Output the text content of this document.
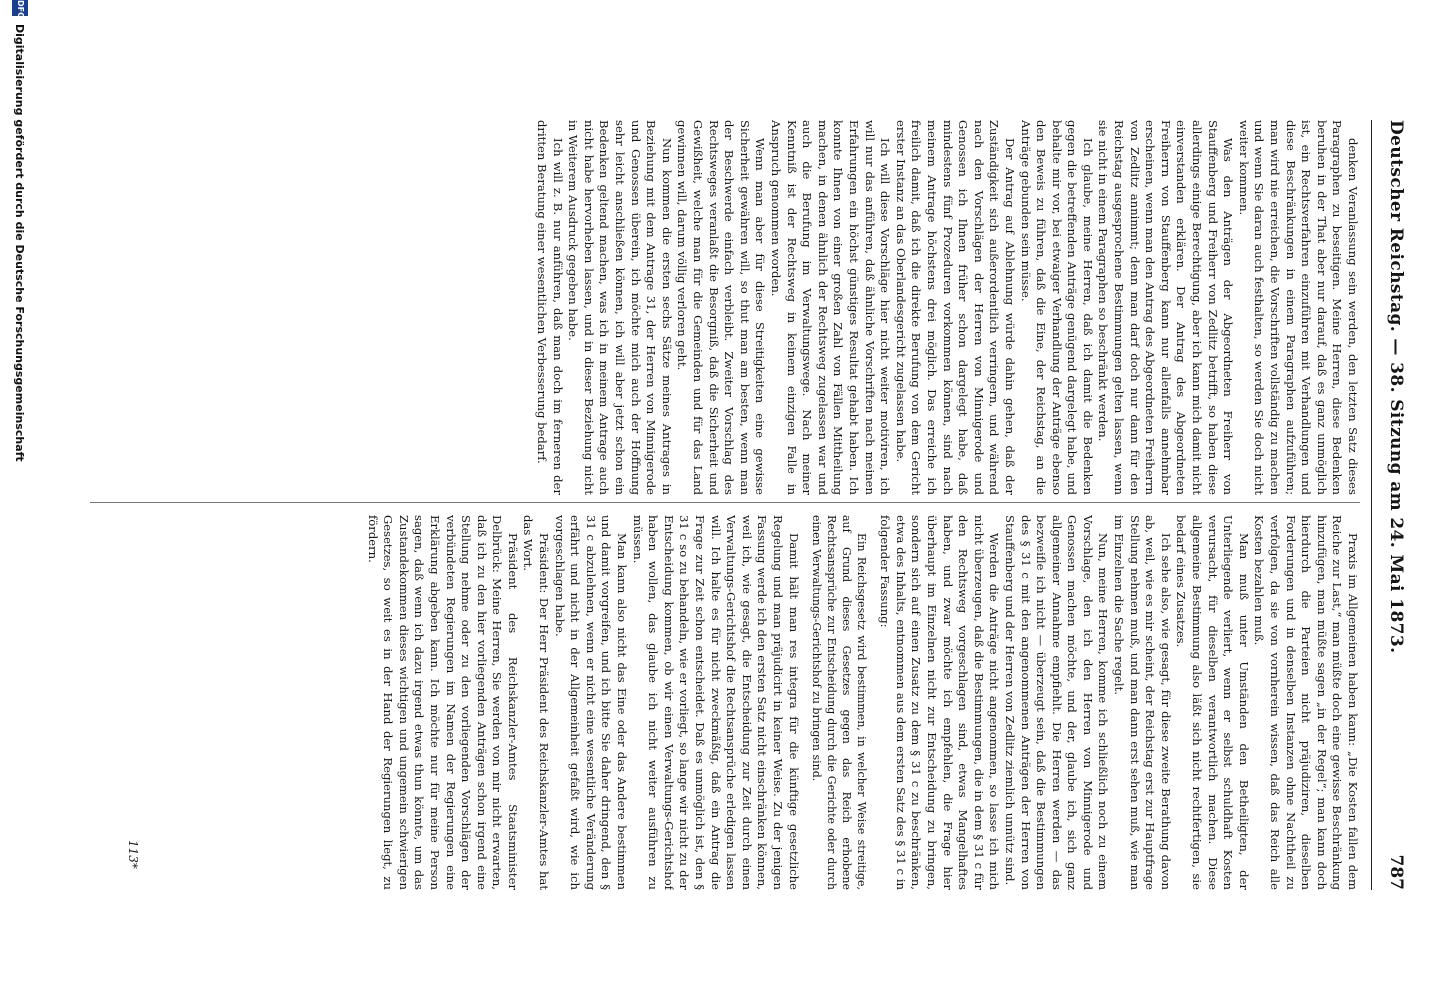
Deutscher Reichstag. — 38. Sitzung am 24. Mai 1873.
787

denken Veranlassung sein werden, den letzten Satz dieses Paragraphen zu beseitigen. Meine Herren, diese Bedenken beruhen in der That aber nur darauf, daß es ganz unmöglich ist, ein Rechtsverfahren einzuführen mit Verhandlungen und diese Beschränkungen in einem Paragraphen aufzuführen; man wird nie erreichen, die Vorschriften vollständig zu machen und wenn Sie daran auch festhalten, so werden Sie doch nicht weiter kommen.

Was den Anträgen der Abgeordneten Freiherr von Stauffenberg und Freiherr von Zedlitz betrifft, so haben diese allerdings einige Berechtigung, aber ich kann mich damit nicht einverstanden erklären. Der Antrag des Abgeordneten Freiherrn von Stauffenberg kann nur allenfalls annehmbar erscheinen, wenn man den Antrag des Abgeordneten Freiherrn von Zedlitz annimmt; denn man darf doch nur dann für den Reichstag ausgesprochene Bestimmungen gelten lassen, wenn sie nicht in einem Paragraphen so beschränkt werden.

Ich glaube, meine Herren, daß ich damit die Bedenken gegen die betreffenden Anträge genügend dargelegt habe, und behalte mir vor, bei etwaiger Verhandlung der Anträge ebenso den Beweis zu führen, daß die Eine, der Reichstag, an die Anträge gebunden sein müsse.

Der Antrag auf Ablehnung würde dahin gehen, daß der Zuständigkeit sich außerordentlich verringern, und während nach den Vorschlägen der Herren von Minnigerode und Genossen ich Ihnen früher schon dargelegt habe, daß mindestens fünf Prozeduren vorkommen können, sind nach meinem Antrage höchstens drei möglich. Das erreiche ich freilich damit, daß ich die direkte Berufung von dem Gericht erster Instanz an das Oberlandesgericht zugelassen habe.

Ich will diese Vorschläge hier nicht weiter motiviren, ich will nur das anführen, daß ähnliche Vorschriften nach meinen Erfahrungen ein höchst günstiges Resultat gehabt haben. Ich konnte Ihnen von einer großen Zahl von Fällen Mittheilung machen, in denen ähnlich der Rechtsweg zugelassen war und auch die Berufung im Verwaltungswege. Nach meiner Kenntniß ist der Rechtsweg in keinem einzigen Falle in Anspruch genommen worden.

Wenn man aber für diese Streitigkeiten eine gewisse Sicherheit gewähren will, so thut man am besten, wenn man der Beschwerde einfach verbleibt. Zweiter Vorschlag des Rechtsweges veranlaßt die Besorgniß, daß die Sicherheit und Gewißheit, welche man für die Gemeinden und für das Land gewinnen will, darum völlig verloren geht.

Nun kommen die ersten sechs Sätze meines Antrages in Beziehung mit dem Antrage 31, der Herren von Minnigerode und Genossen überein, ich möchte mich auch der Hoffnung sehr leicht anschließen können, ich will aber jetzt schon ein Bedenken geltend machen, was ich in meinem Antrage auch nicht habe hervorheben lassen, und in dieser Beziehung nicht in Weiterem Ausdruck gegeben habe.

Ich will z. B. nur anführen, daß man doch im ferneren der dritten Beratung einer wesentlichen Verbesserung bedarf.

Praxis im Allgemeinen haben kann: „Die Kosten fallen dem Reiche zur Last,“ man müßte doch eine gewisse Beschränkung hinzufügen, man müßte sagen „in der Regel“; man kann doch hierdurch die Parteien nicht präjudiziren, dieselben Forderungen und in denselben Instanzen ohne Nachtheil zu verfolgen, da sie von vornherein wissen, daß das Reich alle Kosten bezahlen muß.

Man muß unter Umständen den Betheiligten, der Unterliegende verliert, wenn er selbst schuldhaft Kosten verursacht, für dieselben verantwortlich machen. Diese allgemeine Bestimmung also läßt sich nicht rechtfertigen, sie bedarf eines Zusatzes.

Ich sehe also, wie gesagt, für diese zweite Berathung davon ab, weil, wie es mir scheint, der Reichstag erst zur Hauptfrage Stellung nehmen muß, und man dann erst sehen muß, wie man im Einzelnen die Sache regelt.

Nun, meine Herren, komme ich schließlich noch zu einem Vorschlage, den ich den Herren von Minnigerode und Genossen machen möchte, und der, glaube ich, sich ganz allgemeiner Annahme empfiehlt. Die Herren werden — das bezweifle ich nicht — überzeugt sein, daß die Bestimmungen des § 31 c mit den angenommenen Anträgen der Herren von Stauffenberg und der Herren von Zedlitz ziemlich unnütz sind.

Werden die Anträge nicht angenommen, so lasse ich mich nicht überzeugen, daß die Bestimmungen, die in dem § 31 c für den Rechtsweg vorgeschlagen sind, etwas Mangelhaftes haben, und zwar möchte ich empfehlen, die Frage hier überhaupt im Einzelnen nicht zur Entscheidung zu bringen, sondern sich auf einen Zusatz zu dem § 31 c zu beschränken, etwa des Inhalts, entnommen aus dem ersten Satz des § 31 c in folgender Fassung:

Ein Reichsgesetz wird bestimmen, in welcher Weise streitige, auf Grund dieses Gesetzes gegen das Reich erhobene Rechtsansprüche zur Entscheidung durch die Gerichte oder durch einen Verwaltungs-Gerichtshof zu bringen sind.

Damit hält man res integra für die künftige gesetzliche Regelung und man präjudicirt in keiner Weise. Zu der jenigen Fassung werde ich den ersten Satz nicht einschränken können, weil ich, wie gesagt, die Entscheidung zur Zeit durch einen Verwaltungs-Gerichtshof die Rechtsansprüche erledigen lassen will. Ich halte es für nicht zweckmäßig, daß ein Antrag die Frage zur Zeit schon entscheidet. Daß es unmöglich ist, den § 31 c so zu behandeln, wie er vorliegt, so lange wir nicht zu der Entscheidung kommen, ob wir einen Verwaltungs-Gerichtshof haben wollen, das glaube ich nicht weiter ausführen zu müssen.

Man kann also nicht das Eine oder das Andere bestimmen und damit vorgreifen, und ich bitte Sie daher dringend, den § 31 c abzulehnen, wenn er nicht eine wesentliche Veränderung erfährt und nicht in der Allgemeinheit gefaßt wird, wie ich vorgeschlagen habe.

Präsident: Der Herr Präsident des Reichskanzler-Amtes hat das Wort.

Präsident des Reichskanzler-Amtes Staatsminister Delbrück: Meine Herren, Sie werden von mir nicht erwarten, daß ich zu den hier vorliegenden Anträgen schon irgend eine Stellung nehme oder zu den vorliegenden Vorschlägen der verbündeten Regierungen im Namen der Regierungen eine Erklärung abgeben kann. Ich möchte nur für meine Person sagen, daß wenn ich dazu irgend etwas thun könnte, um das Zustandekommen dieses wichtigen und ungemein schwierigen Gesetzes, so weit es in der Hand der Regierungen liegt, zu fördern.

113*
DFG
Digitalisierung gefördert durch die Deutsche Forschungsgemeinschaft
